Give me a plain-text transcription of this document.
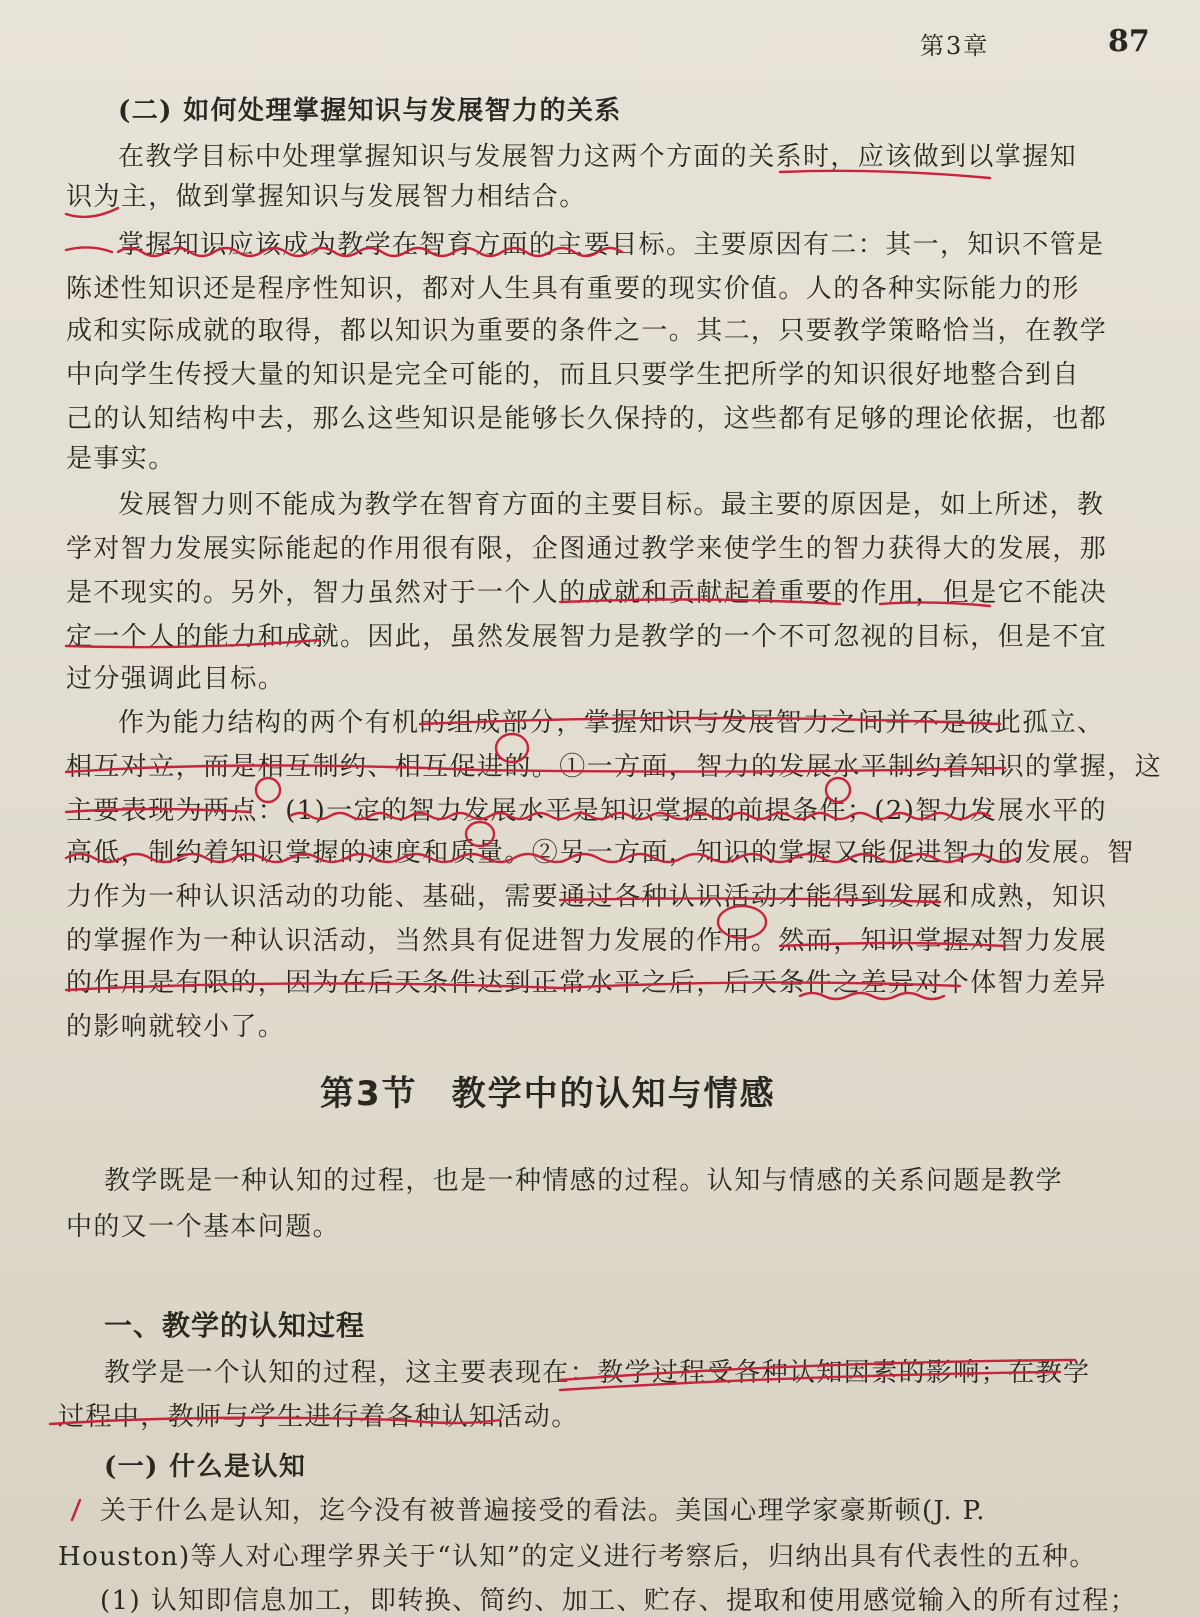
第3章	87
(二) 如何处理掌握知识与发展智力的关系
在教学目标中处理掌握知识与发展智力这两个方面的关系时，应该做到以掌握知
识为主，做到掌握知识与发展智力相结合。
掌握知识应该成为教学在智育方面的主要目标。主要原因有二：其一，知识不管是
陈述性知识还是程序性知识，都对人生具有重要的现实价值。人的各种实际能力的形
成和实际成就的取得，都以知识为重要的条件之一。其二，只要教学策略恰当，在教学
中向学生传授大量的知识是完全可能的，而且只要学生把所学的知识很好地整合到自
己的认知结构中去，那么这些知识是能够长久保持的，这些都有足够的理论依据，也都
是事实。
发展智力则不能成为教学在智育方面的主要目标。最主要的原因是，如上所述，教
学对智力发展实际能起的作用很有限，企图通过教学来使学生的智力获得大的发展，那
是不现实的。另外，智力虽然对于一个人的成就和贡献起着重要的作用，但是它不能决
定一个人的能力和成就。因此，虽然发展智力是教学的一个不可忽视的目标，但是不宜
过分强调此目标。
作为能力结构的两个有机的组成部分，掌握知识与发展智力之间并不是彼此孤立、
相互对立，而是相互制约、相互促进的。①一方面，智力的发展水平制约着知识的掌握，这
主要表现为两点：(1)一定的智力发展水平是知识掌握的前提条件；(2)智力发展水平的
高低，制约着知识掌握的速度和质量。②另一方面，知识的掌握又能促进智力的发展。智
力作为一种认识活动的功能、基础，需要通过各种认识活动才能得到发展和成熟，知识
的掌握作为一种认识活动，当然具有促进智力发展的作用。然而，知识掌握对智力发展
的作用是有限的，因为在后天条件达到正常水平之后，后天条件之差异对个体智力差异
的影响就较小了。
第3节 教学中的认知与情感
教学既是一种认知的过程，也是一种情感的过程。认知与情感的关系问题是教学
中的又一个基本问题。
一、教学的认知过程
教学是一个认知的过程，这主要表现在：教学过程受各种认知因素的影响；在教学
过程中，教师与学生进行着各种认知活动。
(一) 什么是认知
关于什么是认知，迄今没有被普遍接受的看法。美国心理学家豪斯顿(J. P.
Houston)等人对心理学界关于“认知”的定义进行考察后，归纳出具有代表性的五种。
(1) 认知即信息加工，即转换、简约、加工、贮存、提取和使用感觉输入的所有过程；
